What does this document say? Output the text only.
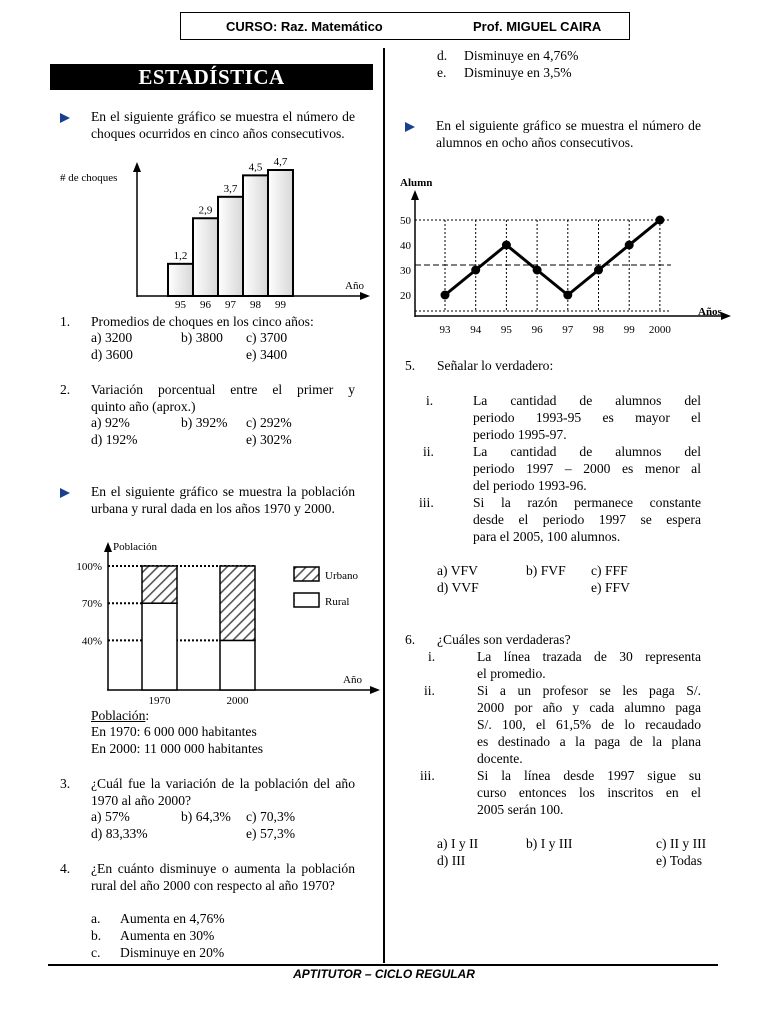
CURSO: Raz. Matemático	Prof. MIGUEL CAIRA
ESTADÍSTICA
APTITUTOR – CICLO REGULAR
En el siguiente gráfico se muestra el número de choques ocurridos en cinco años consecutivos.
# de choques
Año
1,2
95
2,9
96
3,7
97
4,5
98
4,7
99
1. Promedios de choques en los cinco años:
a) 3200	b) 3800 c) 3700
d) 3600	e) 3400
2. Variación porcentual entre el primer y
quinto año (aprox.)
a) 92%	b) 392% c) 292%
d) 192%	e) 302%
En el siguiente gráfico se muestra la población urbana y rural dada en los años 1970 y 2000.
Población
Año
100%
70%
40%
1970	2000
Urbano
Rural
Población:
En 1970: 6 000 000 habitantes
En 2000: 11 000 000 habitantes
3. ¿Cuál fue la variación de la población del año 1970 al año 2000?
a) 57%	b) 64,3% c) 70,3%
d) 83,33%	e) 57,3%
4. ¿En cuánto disminuye o aumenta la población rural del año 2000 con respecto al año 1970?
a. Aumenta en 4,76%
b. Aumenta en 30%
c. Disminuye en 20%
d. Disminuye en 4,76%
e. Disminuye en 3,5%
En el siguiente gráfico se muestra el número de alumnos en ocho años consecutivos.
Alumn
Años
93 94 95 96 97 98 99 2000
20
30
40
50
5. Señalar lo verdadero:
i.	La cantidad de alumnos del
periodo 1993-95 es mayor el
periodo 1995-97.
ii.	La cantidad de alumnos del
periodo 1997 – 2000 es menor al
del periodo 1993-96.
iii.	Si la razón permanece constante
desde el periodo 1997 se espera
para el 2005, 100 alumnos.
a) VFV	b) FVF c) FFF
d) VVF	e) FFV
6. ¿Cuáles son verdaderas?
i.	La línea trazada de 30 representa
el promedio.
ii.	Si a un profesor se les paga S/.
2000 por año y cada alumno paga
S/. 100, el 61,5% de lo recaudado
es destinado a la paga de la plana
docente.
iii.	Si la línea desde 1997 sigue su
curso entonces los inscritos en el
2005 serán 100.
a) I y II	b) I y III	c) II y III
d) III	e) Todas
